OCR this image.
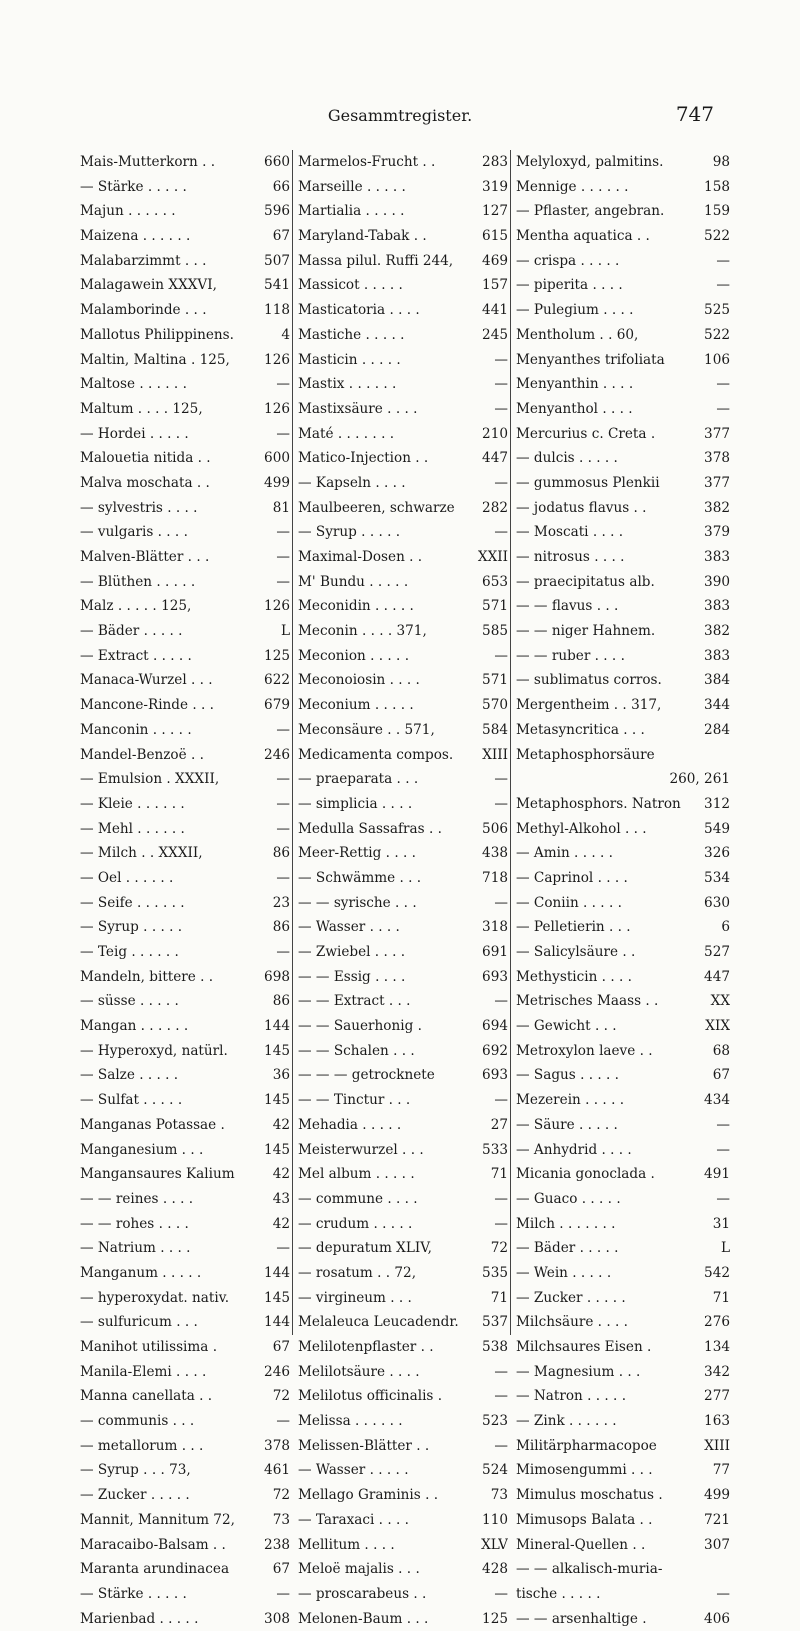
Gesammtregister.	747
Mais-Mutterkorn . .	660
— Stärke . . . . .	66
Majun . . . . . .	596
Maizena . . . . . .	67
Malabarzimmt . . .	507
Malagawein XXXVI,	541
Malamborinde . . .	118
Mallotus Philippinens.	4
Maltin, Maltina . 125,	126
Maltose . . . . . .	—
Maltum . . . . 125,	126
— Hordei . . . . .	—
Malouetia nitida . .	600
Malva moschata . .	499
— sylvestris . . . .	81
— vulgaris . . . .	—
Malven-Blätter . . .	—
— Blüthen . . . . .	—
Malz . . . . . 125,	126
— Bäder . . . . .	L
— Extract . . . . .	125
Manaca-Wurzel . . .	622
Mancone-Rinde . . .	679
Manconin . . . . .	—
Mandel-Benzoë . .	246
— Emulsion . XXXII,	—
— Kleie . . . . . .	—
— Mehl . . . . . .	—
— Milch . . XXXII,	86
— Oel . . . . . .	—
— Seife . . . . . .	23
— Syrup . . . . .	86
— Teig . . . . . .	—
Mandeln, bittere . .	698
— süsse . . . . .	86
Mangan . . . . . .	144
— Hyperoxyd, natürl.	145
— Salze . . . . .	36
— Sulfat . . . . .	145
Manganas Potassae .	42
Manganesium . . .	145
Mangansaures Kalium	42
— — reines . . . .	43
— — rohes . . . .	42
— Natrium . . . .	—
Manganum . . . . .	144
— hyperoxydat. nativ.	145
— sulfuricum . . .	144
Manihot utilissima .	67
Manila-Elemi . . . .	246
Manna canellata . .	72
— communis . . .	—
— metallorum . . .	378
— Syrup . . . 73,	461
— Zucker . . . . .	72
Mannit, Mannitum 72,	73
Maracaibo-Balsam . .	238
Maranta arundinacea	67
— Stärke . . . . .	—
Marienbad . . . . .	308
Marmelos-Frucht . .	283
Marseille . . . . .	319
Martialia . . . . .	127
Maryland-Tabak . .	615
Massa pilul. Ruffi 244, 469
Massicot . . . . .	157
Masticatoria . . . .	441
Mastiche . . . . .	245
Masticin . . . . .	—
Mastix . . . . . .	—
Mastixsäure . . . .	—
Maté . . . . . . .	210
Matico-Injection . .	447
— Kapseln . . . .	—
Maulbeeren, schwarze 282
— Syrup . . . . .	—
Maximal-Dosen . .	XXII
M' Bundu . . . . .	653
Meconidin . . . . .	571
Meconin . . . . 371,	585
Meconion . . . . .	—
Meconoiosin . . . .	571
Meconium . . . . .	570
Meconsäure . . 571,	584
Medicamenta compos. XIII
— praeparata . . .	—
— simplicia . . . .	—
Medulla Sassafras . .	506
Meer-Rettig . . . .	438
— Schwämme . . .	718
— — syrische . . .	—
— Wasser . . . .	318
— Zwiebel . . . .	691
— — Essig . . . .	693
— — Extract . . .	—
— — Sauerhonig .	694
— — Schalen . . .	692
— — — getrocknete	693
— — Tinctur . . .	—
Mehadia . . . . .	27
Meisterwurzel . . .	533
Mel album . . . . .	71
— commune . . . .	—
— crudum . . . . .	—
— depuratum XLIV,	72
— rosatum . . 72,	535
— virgineum . . .	71
Melaleuca Leucadendr. 537
Melilotenpflaster . .	538
Melilotsäure . . . .	—
Melilotus officinalis .	—
Melissa . . . . . .	523
Melissen-Blätter . .	—
— Wasser . . . . .	524
Mellago Graminis . .	73
— Taraxaci . . . .	110
Mellitum . . . .	XLV
Meloë majalis . . .	428
— proscarabeus . .	—
Melonen-Baum . . .	125
Melyloxyd, palmitins.	98
Mennige . . . . . .	158
— Pflaster, angebran.	159
Mentha aquatica . .	522
— crispa . . . . .	—
— piperita . . . .	—
— Pulegium . . . .	525
Mentholum . . 60,	522
Menyanthes trifoliata	106
Menyanthin . . . .	—
Menyanthol . . . .	—
Mercurius c. Creta .	377
— dulcis . . . . .	378
— gummosus Plenkii	377
— jodatus flavus . .	382
— Moscati . . . .	379
— nitrosus . . . .	383
— praecipitatus alb.	390
— — flavus . . .	383
— — niger Hahnem.	382
— — ruber . . . .	383
— sublimatus corros.	384
Mergentheim . . 317,	344
Metasyncritica . . .	284
Metaphosphorsäure
260, 261
Metaphosphors. Natron 312
Methyl-Alkohol . . .	549
— Amin . . . . .	326
— Caprinol . . . .	534
— Coniin . . . . .	630
— Pelletierin . . .	6
— Salicylsäure . .	527
Methysticin . . . .	447
Metrisches Maass . .	XX
— Gewicht . . .	XIX
Metroxylon laeve . .	68
— Sagus . . . . .	67
Mezerein . . . . .	434
— Säure . . . . .	—
— Anhydrid . . . .	—
Micania gonoclada .	491
— Guaco . . . . .	—
Milch . . . . . . .	31
— Bäder . . . . .	L
— Wein . . . . .	542
— Zucker . . . . .	71
Milchsäure . . . .	276
Milchsaures Eisen .	134
— Magnesium . . .	342
— Natron . . . . .	277
— Zink . . . . . .	163
Militärpharmacopoe	XIII
Mimosengummi . . .	77
Mimulus moschatus .	499
Mimusops Balata . .	721
Mineral-Quellen . .	307
— — alkalisch-muria-
tische . . . . .	—
— — arsenhaltige .	406
